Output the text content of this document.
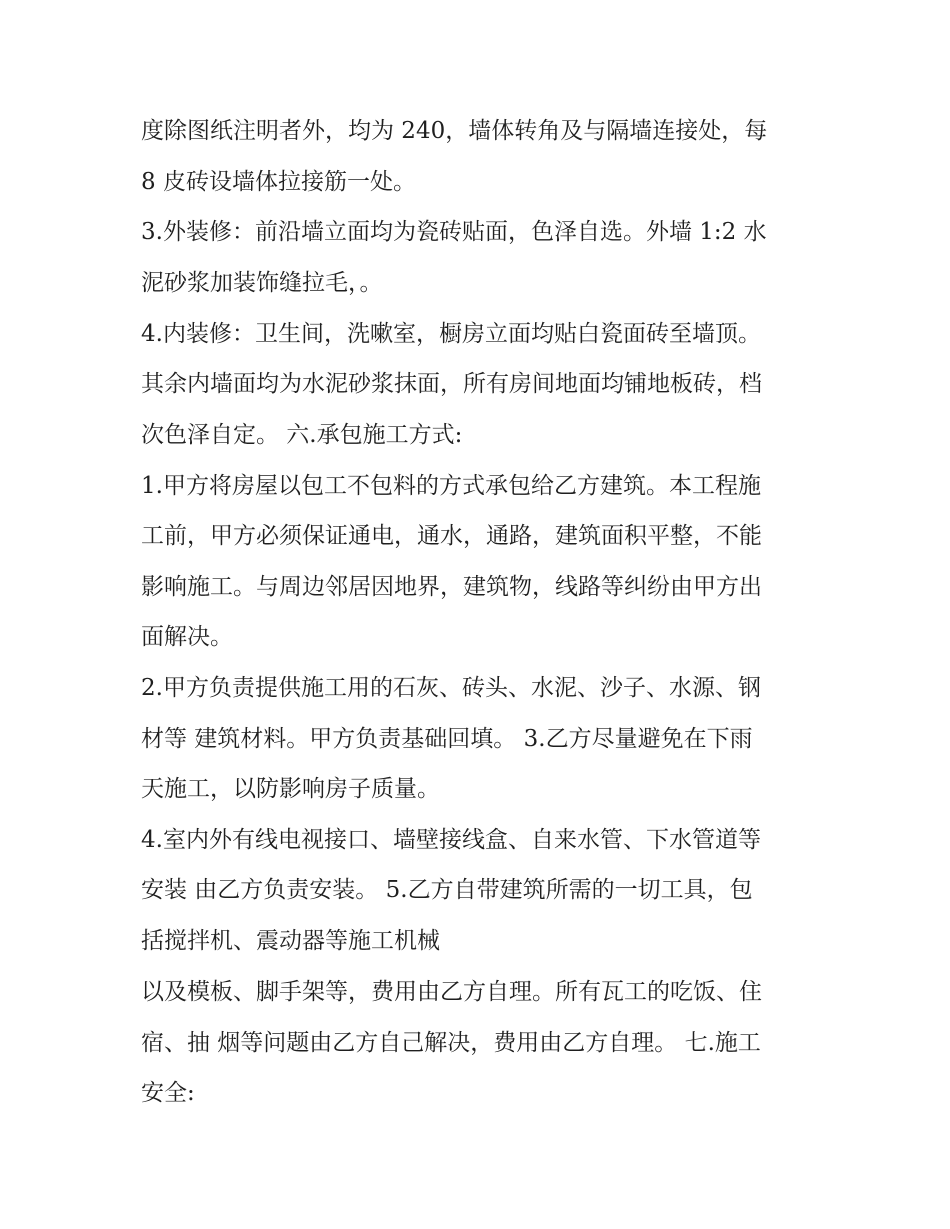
度除图纸注明者外，均为 240，墙体转角及与隔墙连接处，每
8 皮砖设墙体拉接筋一处。
3.外装修：前沿墙立面均为瓷砖贴面，色泽自选。外墙 1:2 水
泥砂浆加装饰缝拉毛，。
4.内装修：卫生间，洗嗽室，橱房立面均贴白瓷面砖至墙顶。
其余内墙面均为水泥砂浆抹面，所有房间地面均铺地板砖，档
次色泽自定。 六.承包施工方式:
1.甲方将房屋以包工不包料的方式承包给乙方建筑。本工程施
工前，甲方必须保证通电，通水，通路，建筑面积平整，不能
影响施工。与周边邻居因地界，建筑物，线路等纠纷由甲方出
面解决。
2.甲方负责提供施工用的石灰、砖头、水泥、沙子、水源、钢
材等 建筑材料。甲方负责基础回填。 3.乙方尽量避免在下雨
天施工，以防影响房子质量。
4.室内外有线电视接口、墙壁接线盒、自来水管、下水管道等
安装 由乙方负责安装。 5.乙方自带建筑所需的一切工具，包
括搅拌机、震动器等施工机械
以及模板、脚手架等，费用由乙方自理。所有瓦工的吃饭、住
宿、抽 烟等问题由乙方自己解决，费用由乙方自理。 七.施工
安全:
